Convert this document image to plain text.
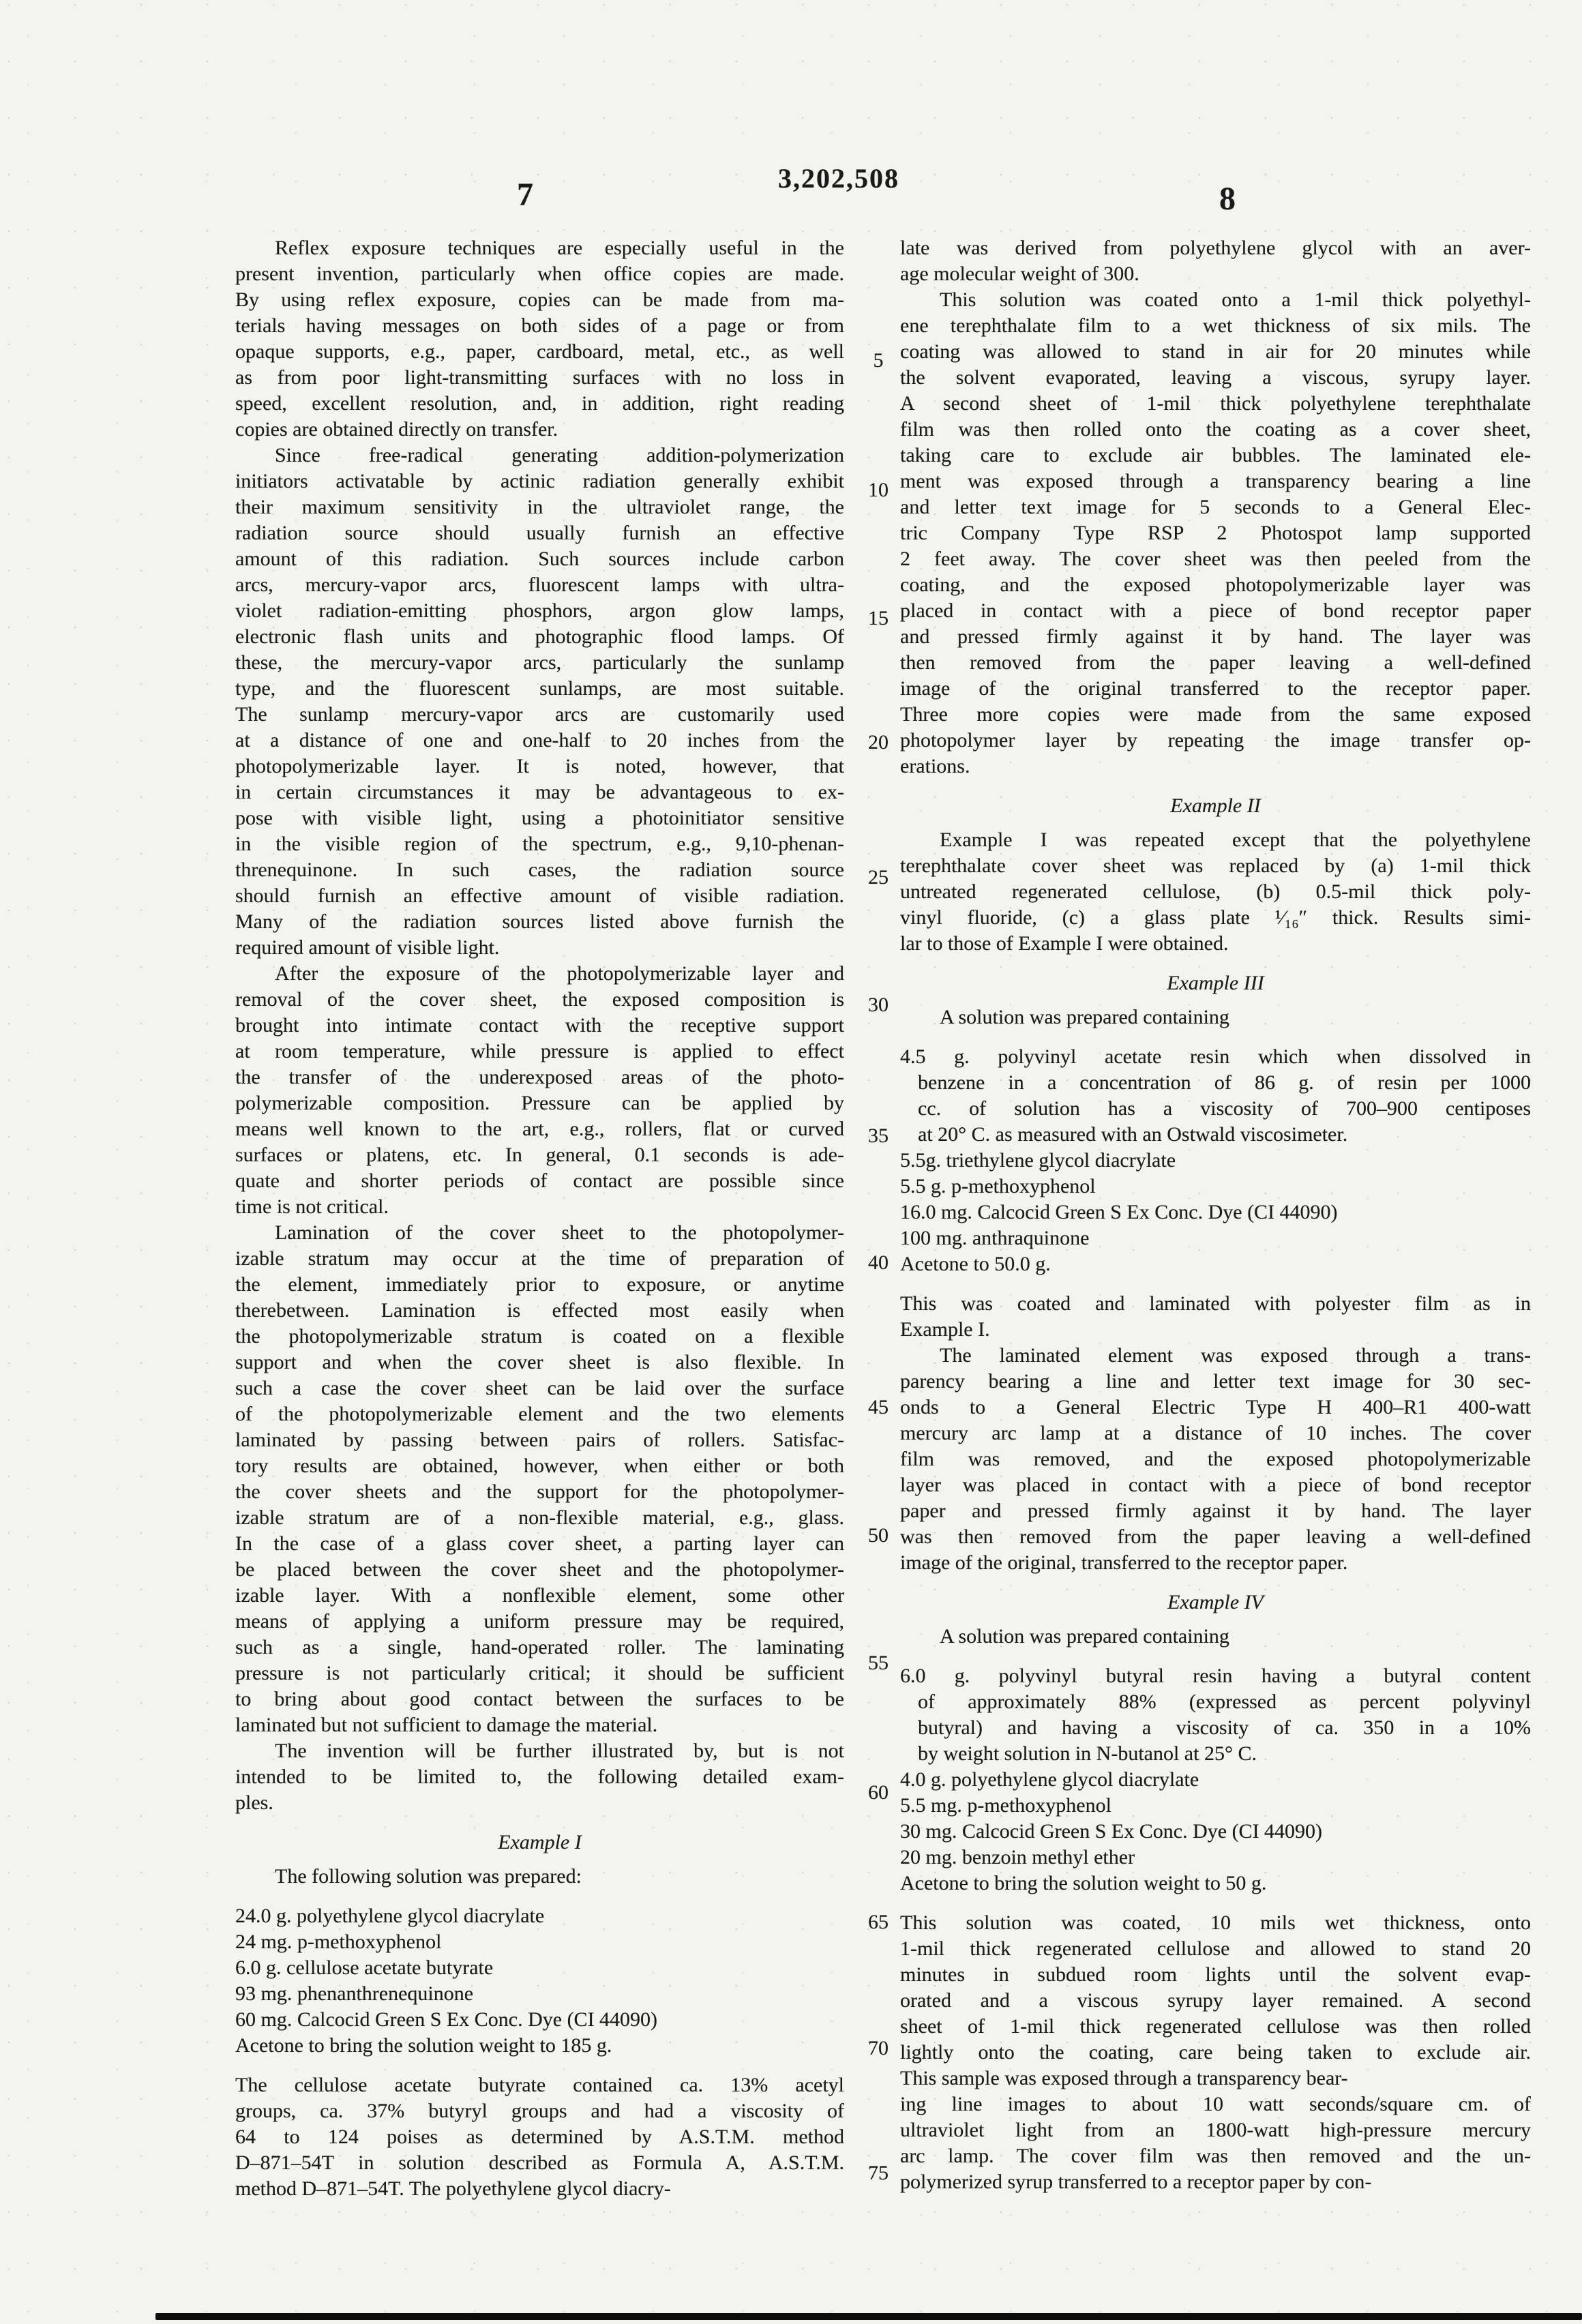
3,202,508
7	8
Reflex exposure techniques are especially useful in the
present invention, particularly when office copies are made.
By using reflex exposure, copies can be made from ma-
terials having messages on both sides of a page or from
opaque supports, e.g., paper, cardboard, metal, etc., as well
as from poor light-transmitting surfaces with no loss in
speed, excellent resolution, and, in addition, right reading
copies are obtained directly on transfer.
Since free-radical generating addition-polymerization
initiators activatable by actinic radiation generally exhibit
their maximum sensitivity in the ultraviolet range, the
radiation source should usually furnish an effective
amount of this radiation. Such sources include carbon
arcs, mercury-vapor arcs, fluorescent lamps with ultra-
violet radiation-emitting phosphors, argon glow lamps,
electronic flash units and photographic flood lamps. Of
these, the mercury-vapor arcs, particularly the sunlamp
type, and the fluorescent sunlamps, are most suitable.
The sunlamp mercury-vapor arcs are customarily used
at a distance of one and one-half to 20 inches from the
photopolymerizable layer. It is noted, however, that
in certain circumstances it may be advantageous to ex-
pose with visible light, using a photoinitiator sensitive
in the visible region of the spectrum, e.g., 9,10-phenan-
threnequinone. In such cases, the radiation source
should furnish an effective amount of visible radiation.
Many of the radiation sources listed above furnish the
required amount of visible light.
After the exposure of the photopolymerizable layer and
removal of the cover sheet, the exposed composition is
brought into intimate contact with the receptive support
at room temperature, while pressure is applied to effect
the transfer of the underexposed areas of the photo-
polymerizable composition. Pressure can be applied by
means well known to the art, e.g., rollers, flat or curved
surfaces or platens, etc. In general, 0.1 seconds is ade-
quate and shorter periods of contact are possible since
time is not critical.
Lamination of the cover sheet to the photopolymer-
izable stratum may occur at the time of preparation of
the element, immediately prior to exposure, or anytime
therebetween. Lamination is effected most easily when
the photopolymerizable stratum is coated on a flexible
support and when the cover sheet is also flexible. In
such a case the cover sheet can be laid over the surface
of the photopolymerizable element and the two elements
laminated by passing between pairs of rollers. Satisfac-
tory results are obtained, however, when either or both
the cover sheets and the support for the photopolymer-
izable stratum are of a non-flexible material, e.g., glass.
In the case of a glass cover sheet, a parting layer can
be placed between the cover sheet and the photopolymer-
izable layer. With a nonflexible element, some other
means of applying a uniform pressure may be required,
such as a single, hand-operated roller. The laminating
pressure is not particularly critical; it should be sufficient
to bring about good contact between the surfaces to be
laminated but not sufficient to damage the material.
The invention will be further illustrated by, but is not
intended to be limited to, the following detailed exam-
ples.
Example I
The following solution was prepared:
24.0 g. polyethylene glycol diacrylate
24 mg. p-methoxyphenol
6.0 g. cellulose acetate butyrate
93 mg. phenanthrenequinone
60 mg. Calcocid Green S Ex Conc. Dye (CI 44090)
Acetone to bring the solution weight to 185 g.
The cellulose acetate butyrate contained ca. 13% acetyl
groups, ca. 37% butyryl groups and had a viscosity of
64 to 124 poises as determined by A.S.T.M. method
D–871–54T in solution described as Formula A, A.S.T.M.
method D–871–54T. The polyethylene glycol diacry-
late was derived from polyethylene glycol with an aver-
age molecular weight of 300.
This solution was coated onto a 1-mil thick polyethyl-
ene terephthalate film to a wet thickness of six mils. The
coating was allowed to stand in air for 20 minutes while
the solvent evaporated, leaving a viscous, syrupy layer.
A second sheet of 1-mil thick polyethylene terephthalate
film was then rolled onto the coating as a cover sheet,
taking care to exclude air bubbles. The laminated ele-
ment was exposed through a transparency bearing a line
and letter text image for 5 seconds to a General Elec-
tric Company Type RSP 2 Photospot lamp supported
2 feet away. The cover sheet was then peeled from the
coating, and the exposed photopolymerizable layer was
placed in contact with a piece of bond receptor paper
and pressed firmly against it by hand. The layer was
then removed from the paper leaving a well-defined
image of the original transferred to the receptor paper.
Three more copies were made from the same exposed
photopolymer layer by repeating the image transfer op-
erations.
Example II
Example I was repeated except that the polyethylene
terephthalate cover sheet was replaced by (a) 1-mil thick
untreated regenerated cellulose, (b) 0.5-mil thick poly-
vinyl fluoride, (c) a glass plate ¹⁄₁₆″ thick. Results simi-
lar to those of Example I were obtained.
Example III
A solution was prepared containing
4.5 g. polyvinyl acetate resin which when dissolved in
benzene in a concentration of 86 g. of resin per 1000
cc. of solution has a viscosity of 700–900 centiposes
at 20° C. as measured with an Ostwald viscosimeter.
5.5g. triethylene glycol diacrylate
5.5 g. p-methoxyphenol
16.0 mg. Calcocid Green S Ex Conc. Dye (CI 44090)
100 mg. anthraquinone
Acetone to 50.0 g.
This was coated and laminated with polyester film as in
Example I.
The laminated element was exposed through a trans-
parency bearing a line and letter text image for 30 sec-
onds to a General Electric Type H 400–R1 400-watt
mercury arc lamp at a distance of 10 inches. The cover
film was removed, and the exposed photopolymerizable
layer was placed in contact with a piece of bond receptor
paper and pressed firmly against it by hand. The layer
was then removed from the paper leaving a well-defined
image of the original, transferred to the receptor paper.
Example IV
A solution was prepared containing
6.0 g. polyvinyl butyral resin having a butyral content
of approximately 88% (expressed as percent polyvinyl
butyral) and having a viscosity of ca. 350 in a 10%
by weight solution in N-butanol at 25° C.
4.0 g. polyethylene glycol diacrylate
5.5 mg. p-methoxyphenol
30 mg. Calcocid Green S Ex Conc. Dye (CI 44090)
20 mg. benzoin methyl ether
Acetone to bring the solution weight to 50 g.
This solution was coated, 10 mils wet thickness, onto
1-mil thick regenerated cellulose and allowed to stand 20
minutes in subdued room lights until the solvent evap-
orated and a viscous syrupy layer remained. A second
sheet of 1-mil thick regenerated cellulose was then rolled
lightly onto the coating, care being taken to exclude air.
This sample was exposed through a transparency bear-
ing line images to about 10 watt seconds/square cm. of
ultraviolet light from an 1800-watt high-pressure mercury
arc lamp. The cover film was then removed and the un-
polymerized syrup transferred to a receptor paper by con-
5
10
15
20
25
30
35
40
45
50
55
60
65
70
75
